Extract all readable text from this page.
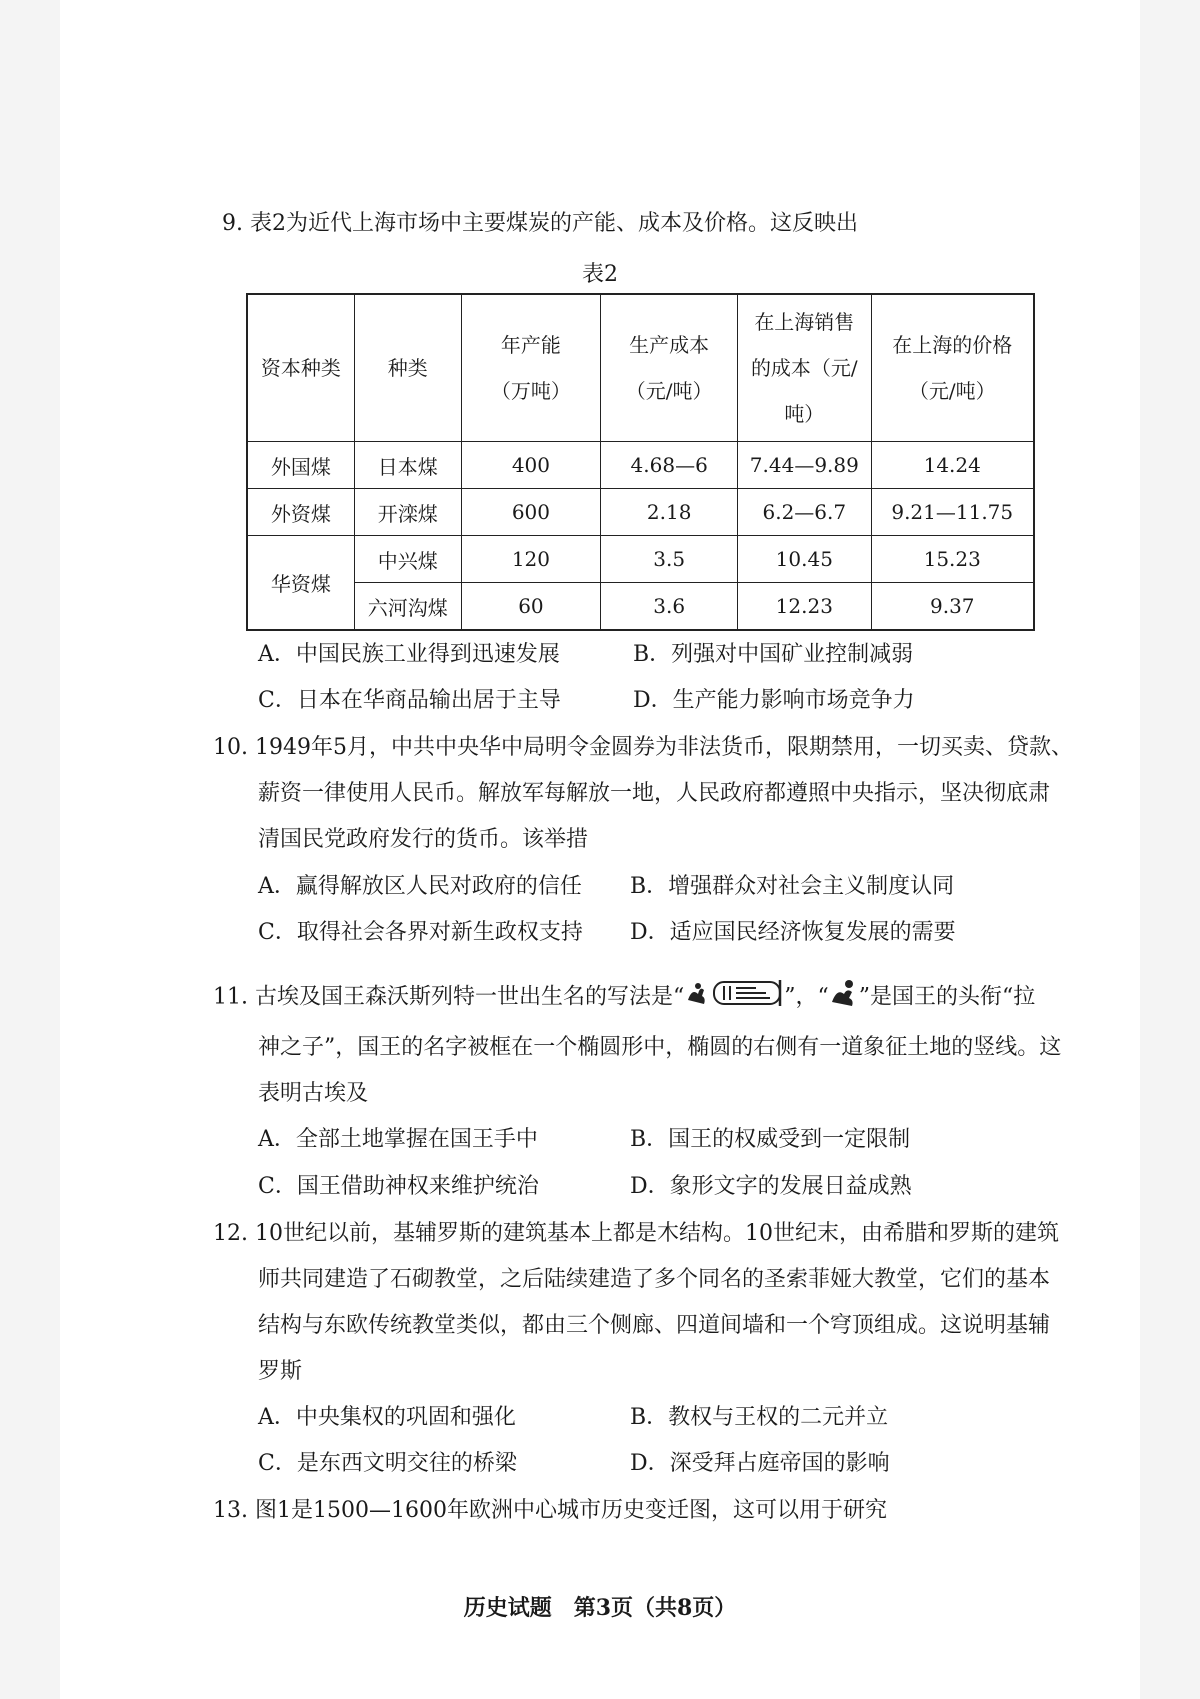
9. 表2为近代上海市场中主要煤炭的产能、成本及价格。这反映出
表2
资本种类	种类	年产能（万吨）	生产成本（元/吨）	在上海销售的成本（元/吨）	在上海的价格（元/吨）
外国煤	日本煤	400	4.68—6	7.44—9.89	14.24
外资煤	开滦煤	600	2.18	6.2—6.7	9.21—11.75
华资煤	中兴煤	120	3.5	10.45	15.23
	六河沟煤	60	3.6	12.23	9.37
A．中国民族工业得到迅速发展	B．列强对中国矿业控制减弱
C．日本在华商品输出居于主导	D．生产能力影响市场竞争力
10. 1949年5月，中共中央华中局明令金圆券为非法货币，限期禁用，一切买卖、贷款、
薪资一律使用人民币。解放军每解放一地，人民政府都遵照中央指示，坚决彻底肃
清国民党政府发行的货币。该举措
A．赢得解放区人民对政府的信任 B．增强群众对社会主义制度认同
C．取得社会各界对新生政权支持 D．适应国民经济恢复发展的需要
11. 古埃及国王森沃斯列特一世出生名的写法是“	”，“ ”是国王的头衔“拉
神之子”，国王的名字被框在一个椭圆形中，椭圆的右侧有一道象征土地的竖线。这
表明古埃及
A．全部土地掌握在国王手中	B．国王的权威受到一定限制
C．国王借助神权来维护统治	D．象形文字的发展日益成熟
12. 10世纪以前，基辅罗斯的建筑基本上都是木结构。10世纪末，由希腊和罗斯的建筑
师共同建造了石砌教堂，之后陆续建造了多个同名的圣索菲娅大教堂，它们的基本
结构与东欧传统教堂类似，都由三个侧廊、四道间墙和一个穹顶组成。这说明基辅
罗斯
A．中央集权的巩固和强化	B．教权与王权的二元并立
C．是东西文明交往的桥梁	D．深受拜占庭帝国的影响
13. 图1是1500—1600年欧洲中心城市历史变迁图，这可以用于研究
历史试题　第3页（共8页）
